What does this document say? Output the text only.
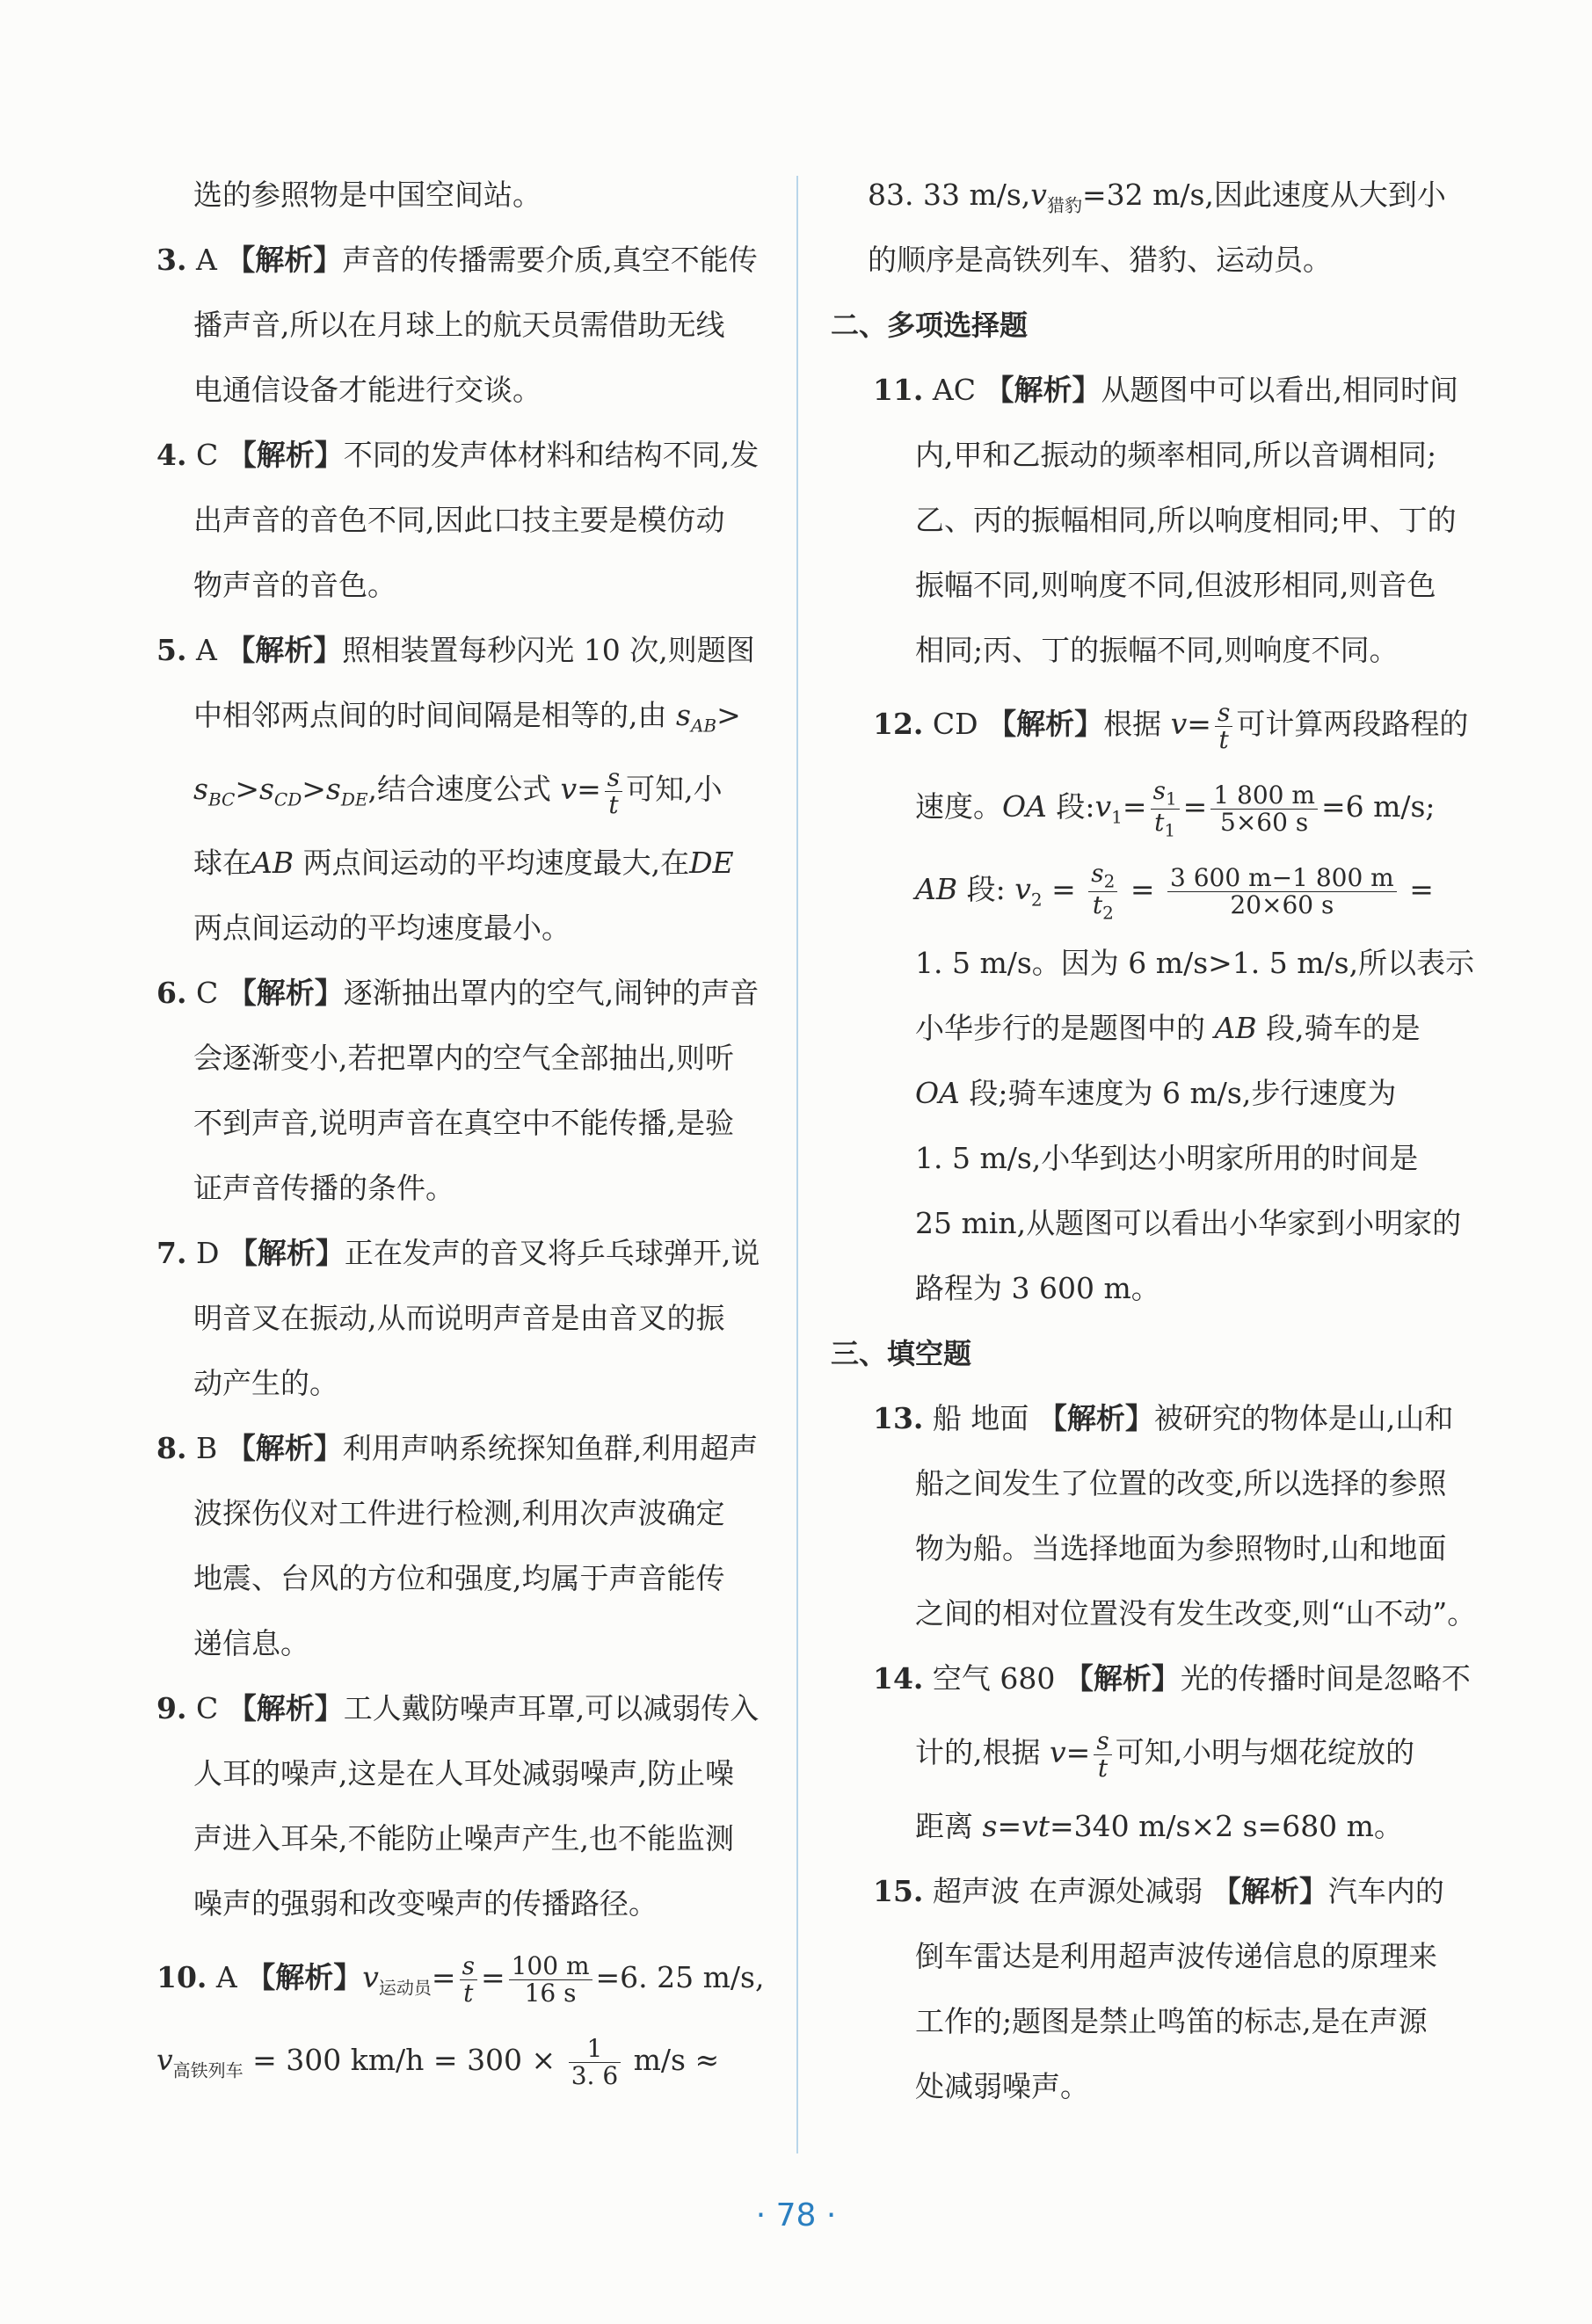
选的参照物是中国空间站。
3. A 【解析】声音的传播需要介质,真空不能传
播声音,所以在月球上的航天员需借助无线
电通信设备才能进行交谈。
4. C 【解析】不同的发声体材料和结构不同,发
出声音的音色不同,因此口技主要是模仿动
物声音的音色。
5. A 【解析】照相装置每秒闪光 10 次,则题图
中相邻两点间的时间间隔是相等的,由 $s_{AB}>$
$s_{BC}>s_{CD}>s_{DE}$,结合速度公式 $v= \frac{s}{t}$ 可知,小
球在AB 两点间运动的平均速度最大,在DE
两点间运动的平均速度最小。
6. C 【解析】逐渐抽出罩内的空气,闹钟的声音
会逐渐变小,若把罩内的空气全部抽出,则听
不到声音,说明声音在真空中不能传播,是验
证声音传播的条件。
7. D 【解析】正在发声的音叉将乒乓球弹开,说
明音叉在振动,从而说明声音是由音叉的振
动产生的。
8. B 【解析】利用声呐系统探知鱼群,利用超声
波探伤仪对工件进行检测,利用次声波确定
地震、台风的方位和强度,均属于声音能传
递信息。
9. C 【解析】工人戴防噪声耳罩,可以减弱传入
人耳的噪声,这是在人耳处减弱噪声,防止噪
声进入耳朵,不能防止噪声产生,也不能监测
噪声的强弱和改变噪声的传播路径。
10. A 【解析】$v_{运动员}= \frac{s}{t} = \frac{100 m}{16 s} =6$. 25 m/s,
$v_{高铁列车} = 300$ $km/h = 300 \times \frac{1}{3. 6} m/s$ ≈
83. 33 $m/s,v_{猎豹}=32$ m/s,因此速度从大到小
的顺序是高铁列车、猎豹、运动员。
二、多项选择题
11. AC 【解析】从题图中可以看出,相同时间
内,甲和乙振动的频率相同,所以音调相同;
乙、丙的振幅相同,所以响度相同;甲、丁的
振幅不同,则响度不同,但波形相同,则音色
相同;丙、丁的振幅不同,则响度不同。
12. CD 【解析】根据 $v= \frac{s}{t}$ 可计算两段路程的
速度。OA 段$:v_1= \frac{s_1}{t_1} = \frac{1 800 m}{5\times 60 s} =6$ m/s;
AB 段: $v_2 = \frac{s_2}{t_2} = \frac{3 600 m-1 800 m}{20\times 60 s}$ =
1. 5 m/s。因为 6 m/s>1. 5 m/s,所以表示
小华步行的是题图中的 AB 段,骑车的是
OA 段;骑车速度为 6 m/s,步行速度为
1. 5 m/s,小华到达小明家所用的时间是
25 min,从题图可以看出小华家到小明家的
路程为 3 600 m。
三、填空题
13. 船 地面 【解析】被研究的物体是山,山和
船之间发生了位置的改变,所以选择的参照
物为船。当选择地面为参照物时,山和地面
之间的相对位置没有发生改变,则“山不动”。
14. 空气 680 【解析】光的传播时间是忽略不
计的,根据 $v= \frac{s}{t}$ 可知,小明与烟花绽放的
距离 s=vt=340 m/s×2 s=680 m。
15. 超声波 在声源处减弱 【解析】汽车内的
倒车雷达是利用超声波传递信息的原理来
工作的;题图是禁止鸣笛的标志,是在声源
处减弱噪声。
· 78 ·
